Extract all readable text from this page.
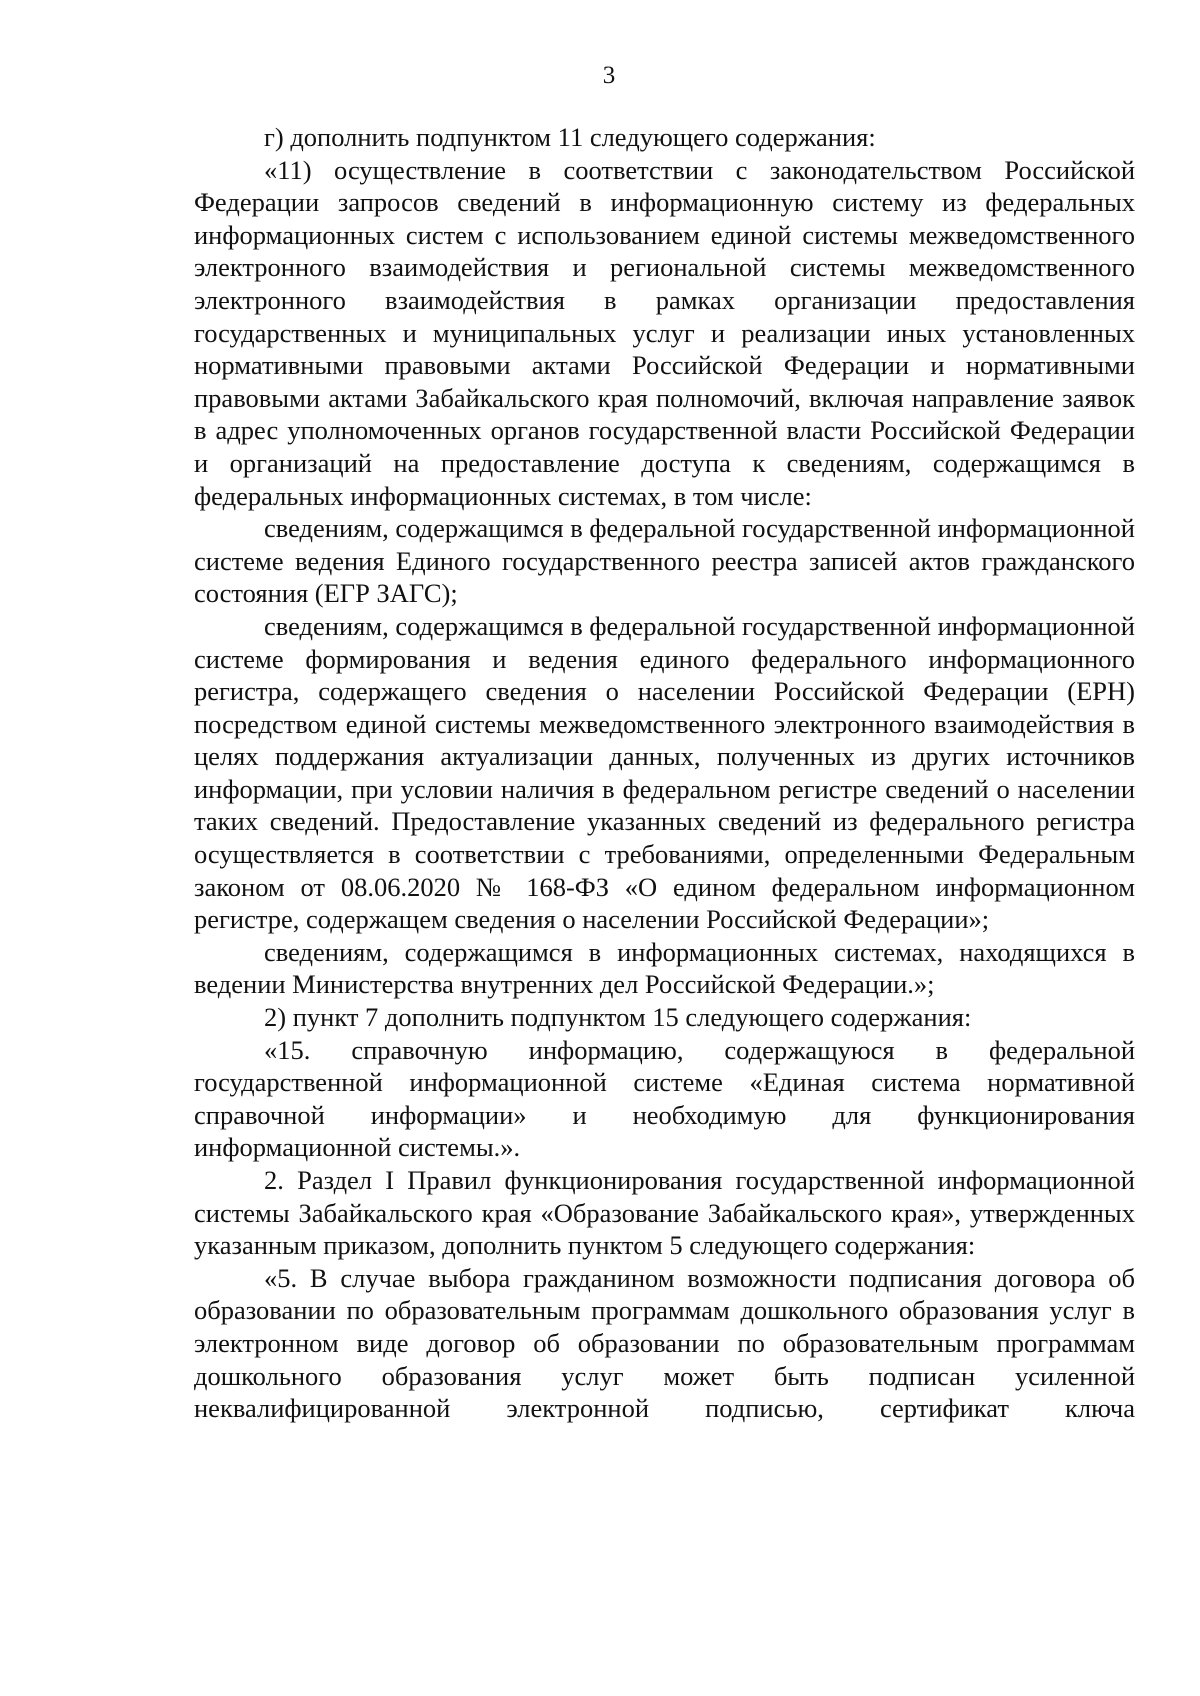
3

г) дополнить подпунктом 11 следующего содержания:

«11) осуществление в соответствии с законодательством Российской Федерации запросов сведений в информационную систему из федеральных информационных систем с использованием единой системы межведомственного электронного взаимодействия и региональной системы межведомственного электронного взаимодействия в рамках организации предоставления государственных и муниципальных услуг и реализации иных установленных нормативными правовыми актами Российской Федерации и нормативными правовыми актами Забайкальского края полномочий, включая направление заявок в адрес уполномоченных органов государственной власти Российской Федерации и организаций на предоставление доступа к сведениям, содержащимся в федеральных информационных системах, в том числе:

сведениям, содержащимся в федеральной государственной информационной системе ведения Единого государственного реестра записей актов гражданского состояния (ЕГР ЗАГС);

сведениям, содержащимся в федеральной государственной информационной системе формирования и ведения единого федерального информационного регистра, содержащего сведения о населении Российской Федерации (ЕРН) посредством единой системы межведомственного электронного взаимодействия в целях поддержания актуализации данных, полученных из других источников информации, при условии наличия в федеральном регистре сведений о населении таких сведений. Предоставление указанных сведений из федерального регистра осуществляется в соответствии с требованиями, определенными Федеральным законом от 08.06.2020 № 168-ФЗ «О едином федеральном информационном регистре, содержащем сведения о населении Российской Федерации»;

сведениям, содержащимся в информационных системах, находящихся в ведении Министерства внутренних дел Российской Федерации.»;

2) пункт 7 дополнить подпунктом 15 следующего содержания:

«15. справочную информацию, содержащуюся в федеральной государственной информационной системе «Единая система нормативной справочной информации» и необходимую для функционирования информационной системы.».

2. Раздел I Правил функционирования государственной информационной системы Забайкальского края «Образование Забайкальского края», утвержденных указанным приказом, дополнить пунктом 5 следующего содержания:

«5. В случае выбора гражданином возможности подписания договора об образовании по образовательным программам дошкольного образования услуг в электронном виде договор об образовании по образовательным программам дошкольного образования услуг может быть подписан усиленной неквалифицированной электронной подписью, сертификат ключа
